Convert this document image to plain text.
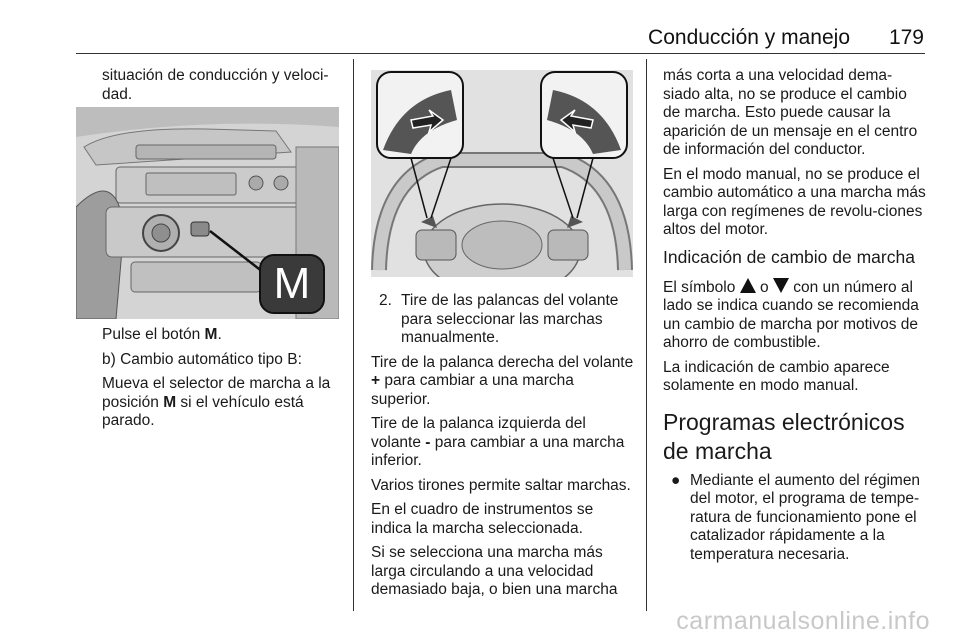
Conducción y manejo	179

situación de conducción y veloci-dad.

M

Pulse el botón M.

b) Cambio automático tipo B:

Mueva el selector de marcha a la posición M si el vehículo está parado.

2. Tire de las palancas del volante para seleccionar las marchas manualmente.

Tire de la palanca derecha del volante + para cambiar a una marcha superior.

Tire de la palanca izquierda del volante - para cambiar a una marcha inferior.

Varios tirones permite saltar marchas.

En el cuadro de instrumentos se indica la marcha seleccionada.

Si se selecciona una marcha más larga circulando a una velocidad demasiado baja, o bien una marcha

más corta a una velocidad dema-siado alta, no se produce el cambio de marcha. Esto puede causar la aparición de un mensaje en el centro de información del conductor.

En el modo manual, no se produce el cambio automático a una marcha más larga con regímenes de revolu-ciones altos del motor.

Indicación de cambio de marcha

El símbolo  o  con un número al lado se indica cuando se recomienda un cambio de marcha por motivos de ahorro de combustible.

La indicación de cambio aparece solamente en modo manual.

Programas electrónicos de marcha
● Mediante el aumento del régimen del motor, el programa de tempe-ratura de funcionamiento pone el catalizador rápidamente a la temperatura necesaria.
carmanualsonline.info
